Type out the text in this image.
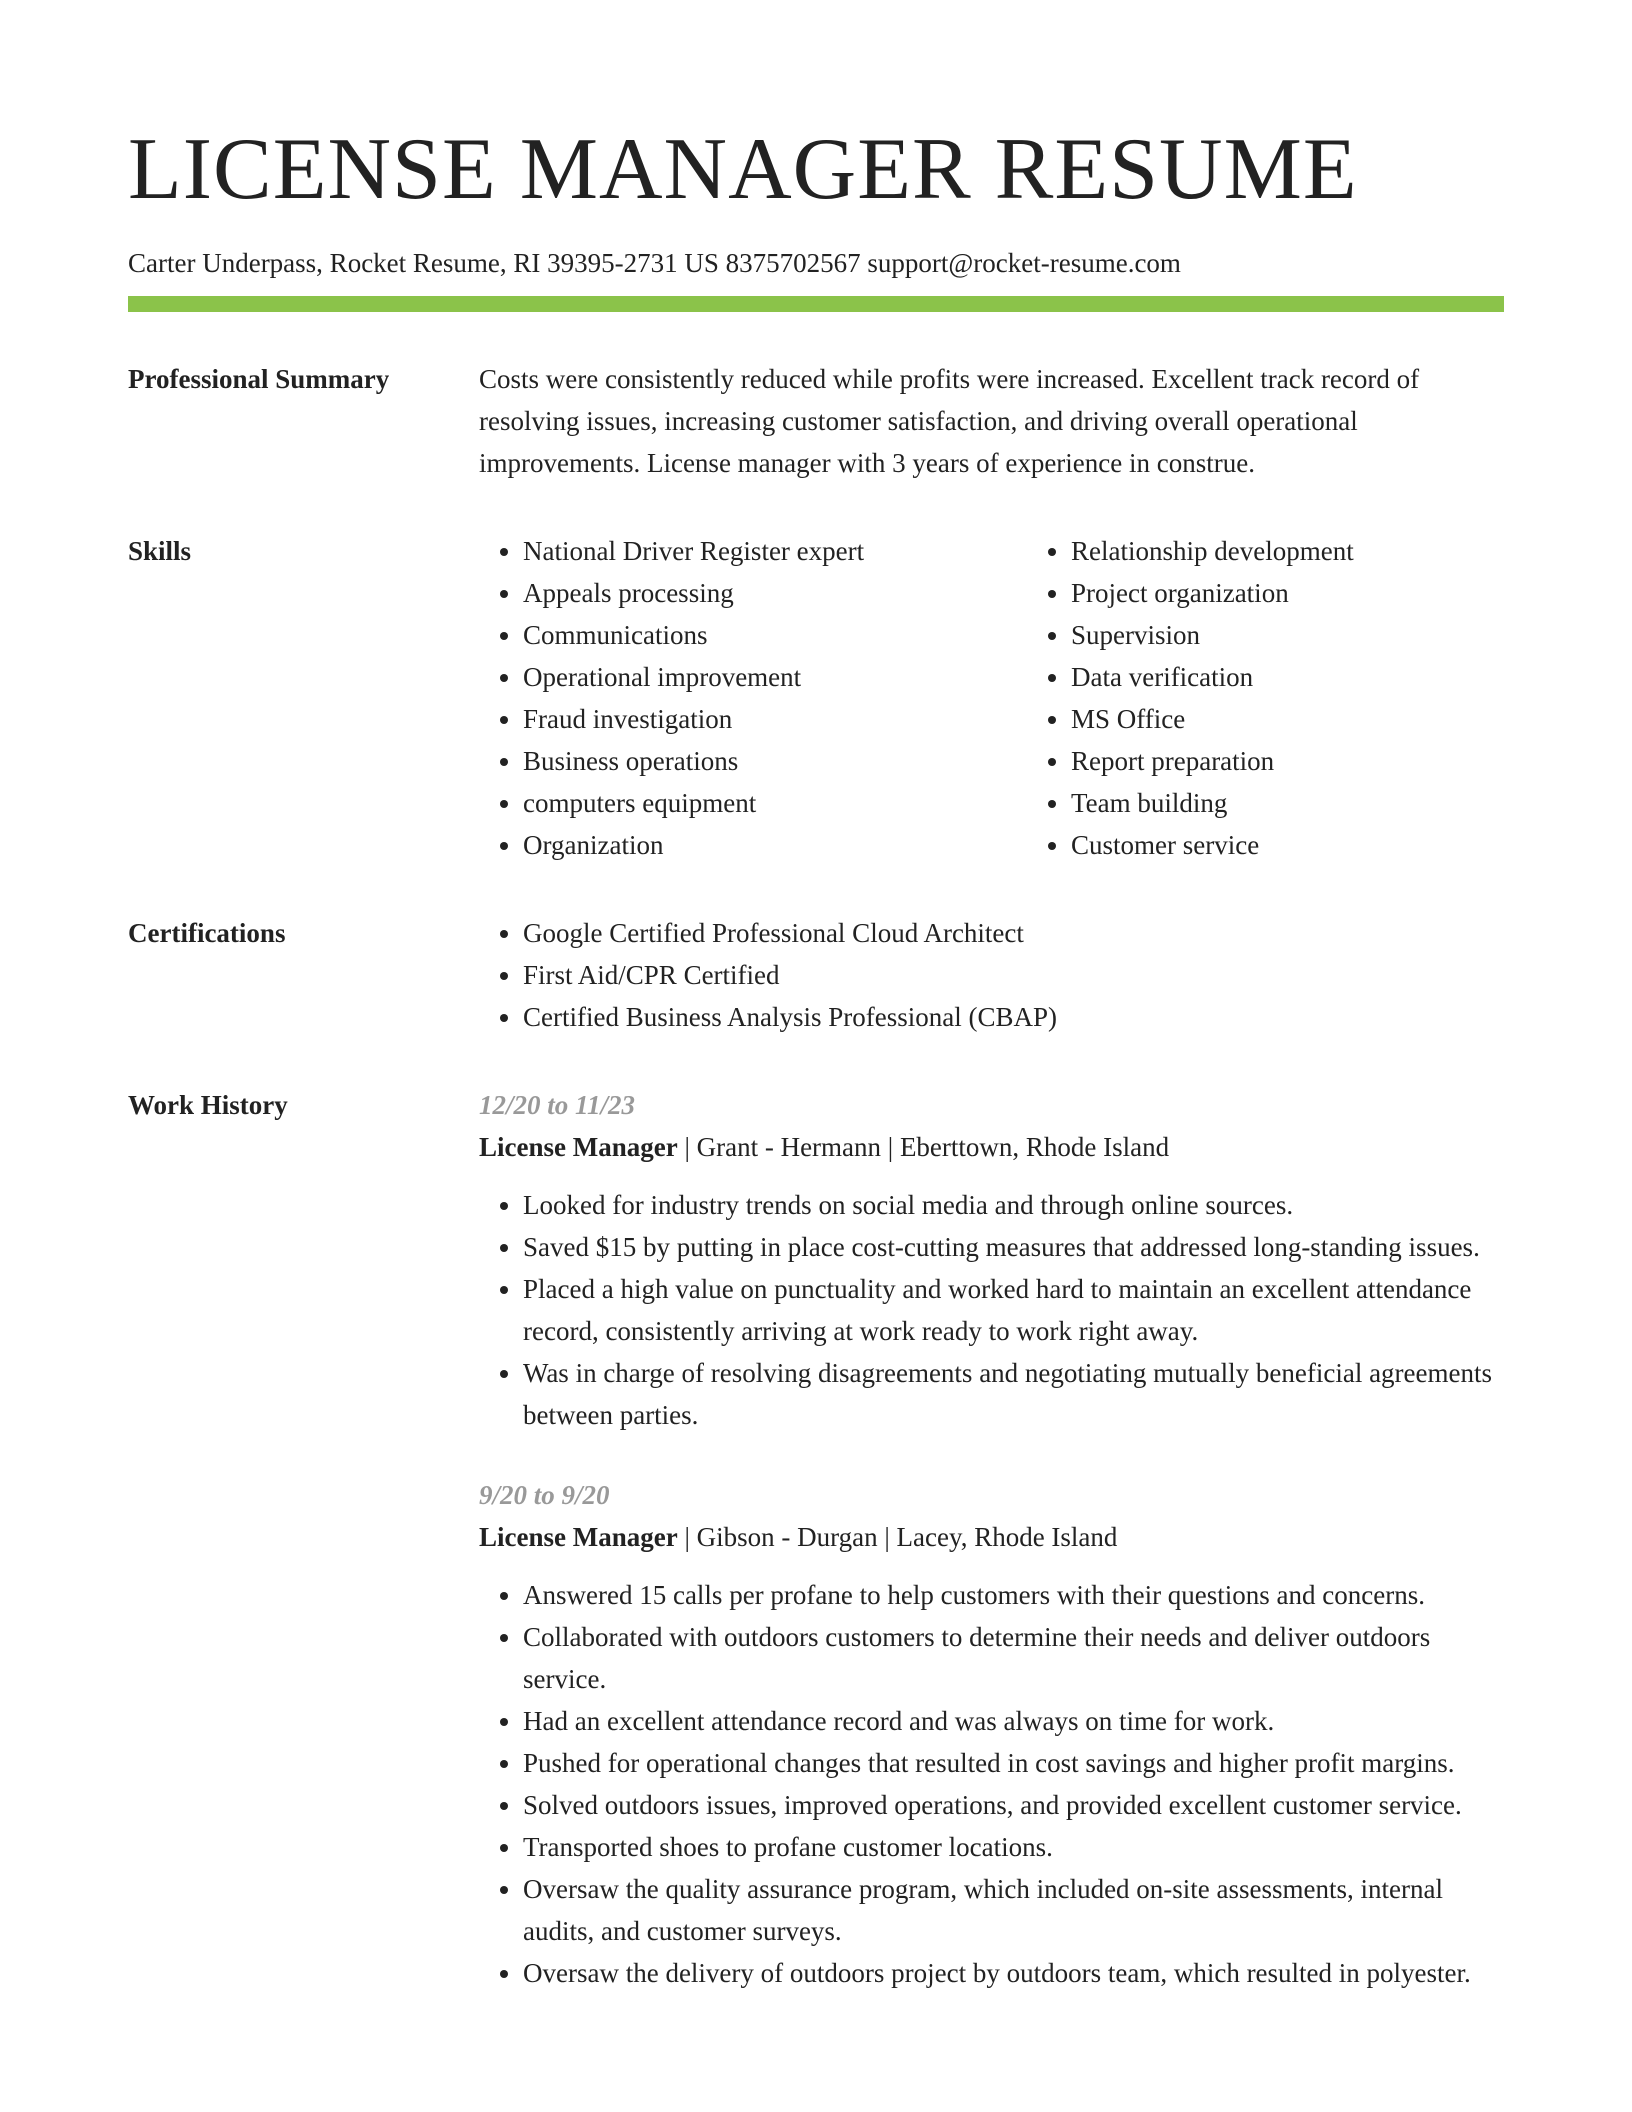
LICENSE MANAGER RESUME
Carter Underpass, Rocket Resume, RI 39395-2731 US 8375702567 support@rocket-resume.com
Professional Summary	Costs were consistently reduced while profits were increased. Excellent track record of resolving issues, increasing customer satisfaction, and driving overall operational improvements. License manager with 3 years of experience in construe.
Skills	• National Driver Register expert
• Appeals processing
• Communications
• Operational improvement
• Fraud investigation
• Business operations
• computers equipment
• Organization
• Relationship development
• Project organization
• Supervision
• Data verification
• MS Office
• Report preparation
• Team building
• Customer service
Certifications	• Google Certified Professional Cloud Architect
• First Aid/CPR Certified
• Certified Business Analysis Professional (CBAP)
Work History	12/20 to 11/23
License Manager | Grant - Hermann | Eberttown, Rhode Island
• Looked for industry trends on social media and through online sources.
• Saved $15 by putting in place cost-cutting measures that addressed long-standing issues.
• Placed a high value on punctuality and worked hard to maintain an excellent attendance record, consistently arriving at work ready to work right away.
• Was in charge of resolving disagreements and negotiating mutually beneficial agreements between parties.
9/20 to 9/20
License Manager | Gibson - Durgan | Lacey, Rhode Island
• Answered 15 calls per profane to help customers with their questions and concerns.
• Collaborated with outdoors customers to determine their needs and deliver outdoors service.
• Had an excellent attendance record and was always on time for work.
• Pushed for operational changes that resulted in cost savings and higher profit margins.
• Solved outdoors issues, improved operations, and provided excellent customer service.
• Transported shoes to profane customer locations.
• Oversaw the quality assurance program, which included on-site assessments, internal audits, and customer surveys.
• Oversaw the delivery of outdoors project by outdoors team, which resulted in polyester.
